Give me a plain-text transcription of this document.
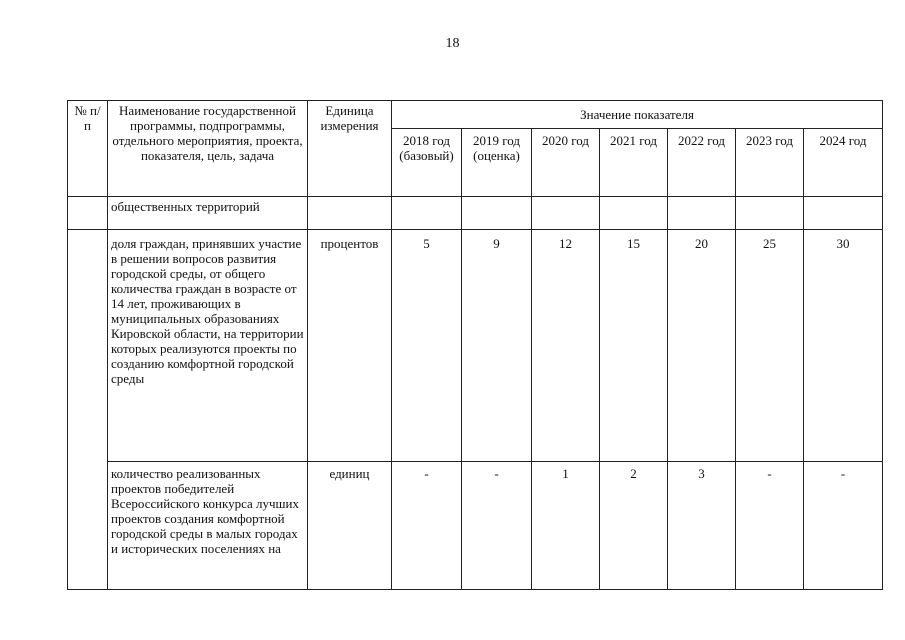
18
№ п/п	Наименование государственной программы, подпрограммы, отдельного мероприятия, проекта, показателя, цель, задача	Единица измерения	Значение показателя						
			2018 год (базовый)	2019 год (оценка)	2020 год	2021 год	2022 год	2023 год	2024 год
	общественных территорий								
	доля граждан, принявших участие в решении вопросов развития городской среды, от общего количества граждан в возрасте от 14 лет, проживающих в муниципальных образованиях Кировской области, на территории которых реализуются проекты по созданию комфортной городской среды	процентов	5	9	12	15	20	25	30
	количество реализованных проектов победителей Всероссийского конкурса лучших проектов создания комфортной городской среды в малых городах и исторических поселениях на	единиц	-	-	1	2	3	-	-
